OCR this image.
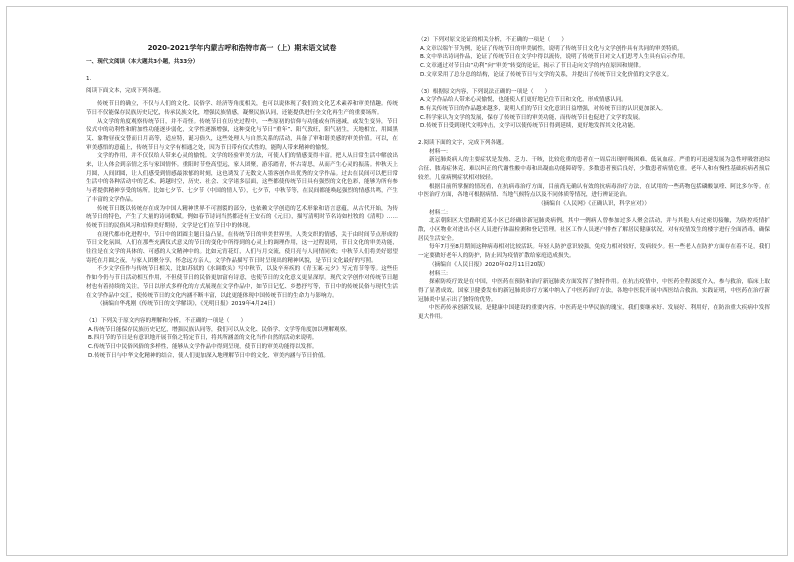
2020-2021学年内蒙古呼和浩特市高一（上）期末语文试卷

一、现代文阅读（本大题共3小题，共33分）

1.

阅读下面文本，完成下列各题。

传统节日的确立，不仅与人们的文化、民俗学、经济等角度相关，也可以说体现了我们的文化艺术素养和审美情趣。传统节日不仅能保存民族历史记忆，传承民族文化，增强民族情感，凝聚民族认同，还能提供进行全文化再生产的重要场所。

从文学的角度观察传统节日，并不奇怪。传统节日在历史过程中，一些原初的信仰与功能或有所递减，或发生变异，节日仪式中的功利性和附加性功能逐步弱化，文学性逐渐增强，这种变化与节日“重年”、阳气敦旺，阳气初生，天地相宜，用圆黑艾、象物昼夜交替而日月高等，适应特，诞习俗久，这些处理人与自然关系的活动，具备了审和谐美感的审美价值。可以，在审美感悟的意蕴上，传统节日与文学有相通之处，因为节日带有仪式性的，能陶人带来精神的愉悦。

文学的作用，并不仅仅给人带来心灵的愉悦。文学的经验审美方法，可使人们的情感变得丰富。把人从日常生活中解放出来，让人体会到亲情之乐与家国情怀。重阳时节登高望远，家人团聚，游乐踏青，怀古寄思，从而产生心灵的振荡。仲秋天上月圆，人间团圆，让人们感受到情感最浓郁的时刻，这也诱发了无数文人墨客创作出优秀的文学作品。过去在民间可以把日常生活中的各种活动中的艺术，跨越时空，历史、社会、文学诸多层面，这些都使传统节日具有强烈的文化色彩，能够为所有参与者提供精神享受的场所。比如七夕节、七夕节（中国的情人节），七夕节，中秋节等，在民间都能唤起强烈的情感共鸣，产生了丰富的文学作品。

传统节日既以传统存在成为中国人精神世界不可割裂的部分，也依赖文学创造的艺术形象和语言意蕴，从古代开始，为传统节日的特色，产生了大量的诗词歌赋。例如春节诗词当然都还有王安石的《元日》，描写清明时节名诗如杜牧的《清明》……传统节日的民俗风习和信仰美好期待，文学是它们在节日中的体现。

在现代都市化进程中，节日中的团圆主题日益凸显，在传统节日的审美世界里，人类交织的情感，关于由时间节点形成的节日文化氛围，人们在那些充满仪式意义的节日的变化中所得到的心灵上的调理作用，这一过程说明，节日文化的审美功能，往往是在文学的具体的、可感的人文精神中的。比如元宵花灯，人们与月交流，使月亮与人同情同欢；中秋节人们将美好愿望寄托在月圆之夜，与家人团聚分享，怀念远方亲人，文学作品描写节日时呈现出的精神风貌，是节日文化最好的写照。

不少文学佳作与传统节日相关，比如苏轼的《水调歌头》写中秋节，以及辛弃疾的《青玉案·元夕》写元宵节等等。这些佳作如今仍与节日活动相互作用，不但使节日的民俗更加富有诗意，也使节日的文化意义更显深厚。现代文学创作对传统节日题材也有着持续的关注，节日以形式多样化的方式展现在文学作品中，如节日记忆、乡愁抒写等，节日中的传统民俗与现代生活在文学作品中交汇，使传统节日的文化内涵不断丰富，以此更能体现中国传统节日的生命力与影响力。

（摘编自华兆刚《传统节日的文学解读》，《光明日报》2019年4月24日）

（1）下列关于原文内容的理解和分析，不正确的一项是（　　）

A.传统节日能保存民族历史记忆，增强民族认同等，我们可以从文化、民俗学、文学等角度加以理解观察。

B.四月节的节日是有意识地开展节俗之特定节日，将其所涵盖的文化当作自然的活动来说明。

C.传统节日中民俗风俗的多样性，能够从文学作品中得到呈现，使节日的审美功能得以发挥。

D.传统节日与中华文化精神的结合，使人们更加深入地理解节日中的文化、审美内涵与节日价值。

（2）下列对原文论证的相关分析，不正确的一项是（　　）

A.文章以端午节为例，论证了传统节日的审美属性，说明了传统节日文化与文学创作具有共同的审美特质。

B.文中举出诗词作品，论证了传统节日在文学中得以流传，说明了传统节日对文人们思考人生具有启示作用。

C.文章通过对节日由“功利”向“审美”转变的论证，揭示了节日走向文学的内在原因和规律。

D.文章采用了总分总的结构，论证了传统节日与文学的关系，并提出了传统节日文化价值的文学意义。

（3）根据原文内容，下列说法正确的一项是（　　）

A.文学作品给人带来心灵愉悦，也能使人们更好地记住节日和文化，形成情感认同。

B.有关传统节日的作品越来越多，说明人们的节日文化意识日益增强，对传统节日的认识更加深入。

C.科学家认为文学的发展，保存了传统节日的审美功能，而传统节日也促进了文学的发展。

D.传统节日受到现代文明冲击，文学可以使传统节日得到延续，更好地发挥其文化功能。

2.阅读下面的文字，完成下列各题。

材料一：

新冠肺炎病人的主要症状是发热、乏力、干咳，比较危重的患者在一周后出现呼吸困难、低氧血症。严重的可迅速发展为急性呼吸窘迫综合征、脓毒症休克、难以纠正的代谢性酸中毒和出凝血功能障碍等。多数患者预后良好，少数患者病情危重。老年人和有慢性基础疾病者预后较差。儿童病例症状相对较轻。

根据目前所掌握的情况看，在抗病毒治疗方面，目前尚无确认有效的抗病毒治疗方法，在试用的一些药物包括磷酸氯喹、阿比多尔等。在中医治疗方面，各地可根据病情、当地气候特点以及不同体质等情况，进行辨证论治。

（摘编自《人民网》《正确认识，科学应对》）

材料二：

北京朝阳区大望路附近某小区已经确诊新冠肺炎病例，其中一例病人曾参加过多人聚会活动，并与其他人有过密切接触，为防控疫情扩散，小区物业对进出小区人员进行体温检测和登记管理。社区工作人员逐户排查了解居民健康状况，对有疫情发生的楼宇进行全面消毒，确保居民生活安全。

每年7月至8月期间这种病毒相对比较活跃。年轻人防护意识较强，免疫力相对较好，发病较少。但一些老人在防护方面存在着不足，我们一定要做好老年人的防护，防止因为疫情扩散给家庭造成损失。

（摘编自《人民日报》2020年02月11日20版）

材料三：

探索防疫疗效是在中国，中医药在预防和治疗新冠肺炎方面发挥了独特作用。在抗击疫情中，中医药全程深度介入，参与救治，临床上取得了显著成效。国家卫健委发布的新冠肺炎诊疗方案中纳入了中医药治疗方法，各地中医院开展中西医结合救治。实践证明，中医药在治疗新冠肺炎中显示出了独特的优势。

中医药传承创新发展，是健康中国建设的重要内容。中医药是中华民族的瑰宝，我们要继承好、发展好、利用好，在防治重大疾病中发挥更大作用。
